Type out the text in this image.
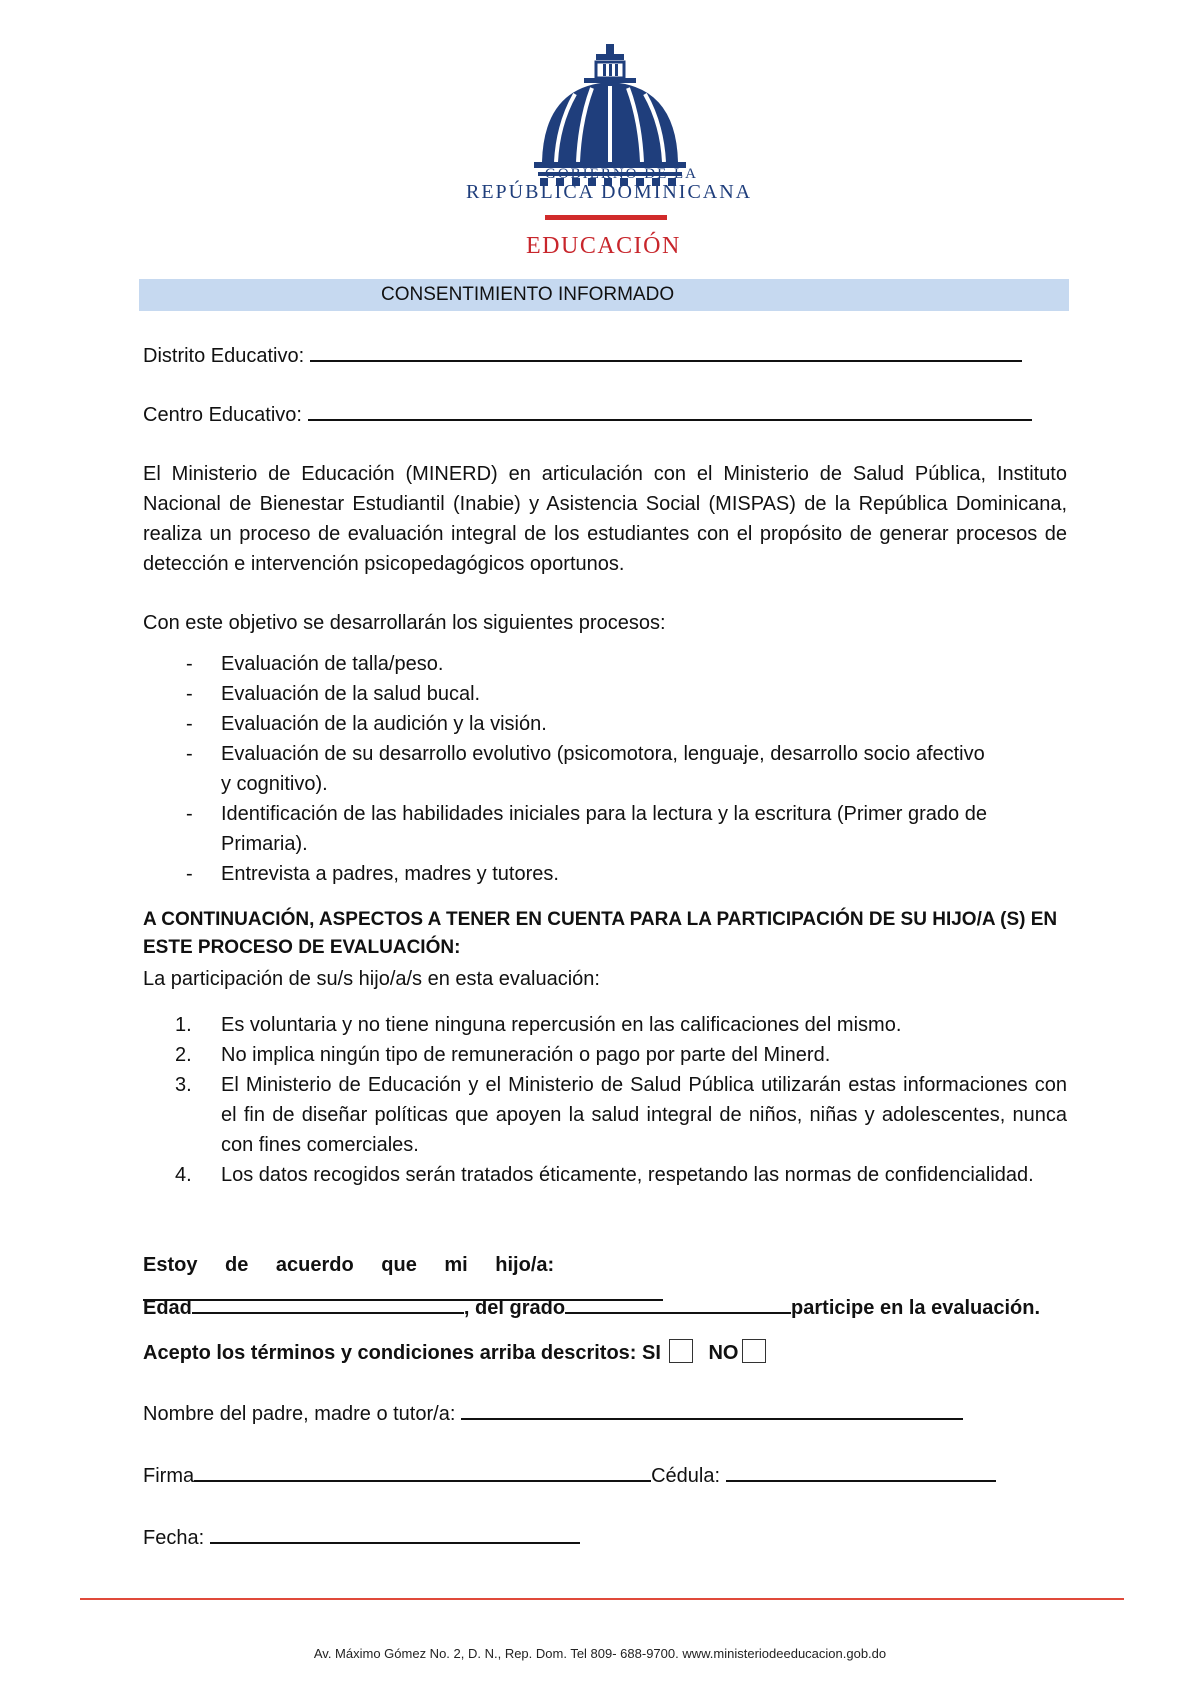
GOBIERNO DE LA
REPÚBLICA DOMINICANA
EDUCACIÓN
CONSENTIMIENTO INFORMADO
Distrito Educativo:
Centro Educativo:
El Ministerio de Educación (MINERD) en articulación con el Ministerio de Salud Pública, Instituto Nacional de Bienestar Estudiantil (Inabie) y Asistencia Social (MISPAS) de la República Dominicana, realiza un proceso de evaluación integral de los estudiantes con el propósito de generar procesos de detección e intervención psicopedagógicos oportunos.
Con este objetivo se desarrollarán los siguientes procesos:
- Evaluación de talla/peso.
- Evaluación de la salud bucal.
- Evaluación de la audición y la visión.
- Evaluación de su desarrollo evolutivo (psicomotora, lenguaje, desarrollo socio afectivo y cognitivo).
- Identificación de las habilidades iniciales para la lectura y la escritura (Primer grado de Primaria).
- Entrevista a padres, madres y tutores.
A CONTINUACIÓN, ASPECTOS A TENER EN CUENTA PARA LA PARTICIPACIÓN DE SU HIJO/A (S) EN ESTE PROCESO DE EVALUACIÓN:
La participación de su/s hijo/a/s en esta evaluación:
1. Es voluntaria y no tiene ninguna repercusión en las calificaciones del mismo.
2. No implica ningún tipo de remuneración o pago por parte del Minerd.
3. El Ministerio de Educación y el Ministerio de Salud Pública utilizarán estas informaciones con el fin de diseñar políticas que apoyen la salud integral de niños, niñas y adolescentes, nunca con fines comerciales.
4. Los datos recogidos serán tratados éticamente, respetando las normas de confidencialidad.
Estoy de acuerdo que mi hijo/a:
Edad	, del grado	participe en la evaluación.
Acepto los términos y condiciones arriba descritos: SI NO
Nombre del padre, madre o tutor/a:
Firma	Cédula:
Fecha:
Av. Máximo Gómez No. 2, D. N., Rep. Dom. Tel 809- 688-9700. www.ministeriodeeducacion.gob.do
